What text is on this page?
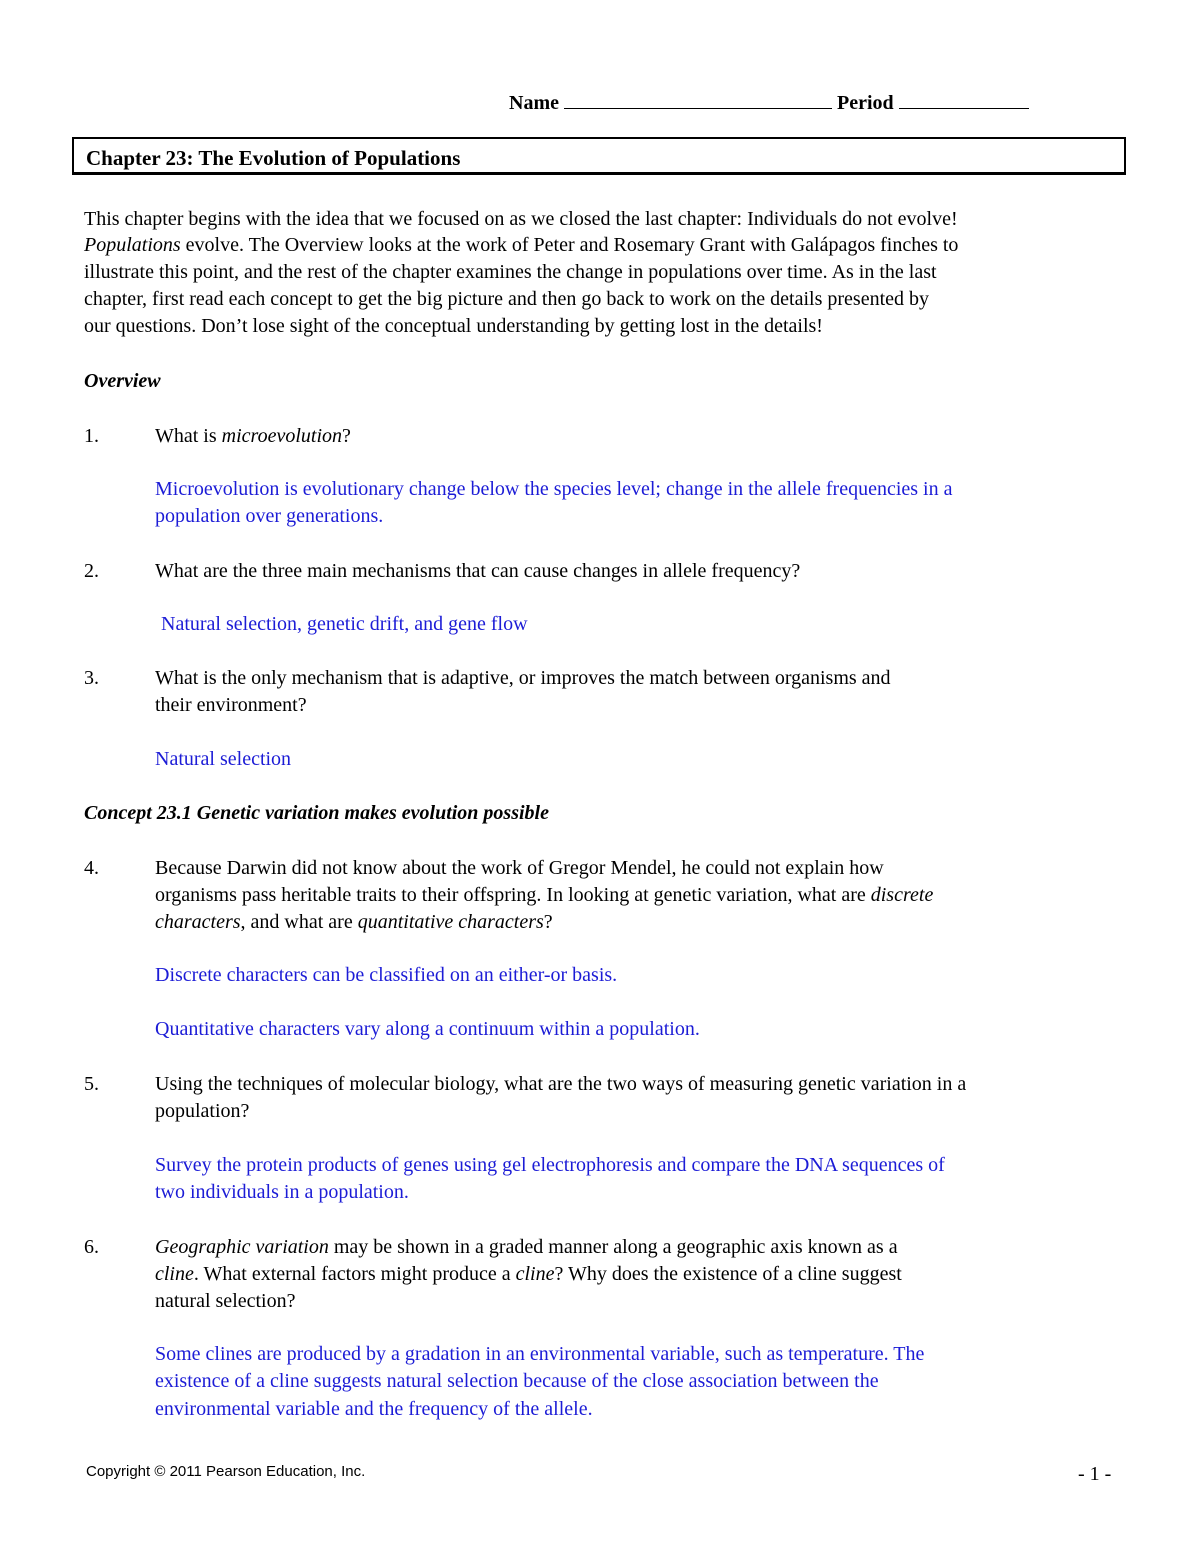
Name	Period
Chapter 23: The Evolution of Populations
This chapter begins with the idea that we focused on as we closed the last chapter: Individuals do not evolve!
Populations evolve. The Overview looks at the work of Peter and Rosemary Grant with Galápagos finches to
illustrate this point, and the rest of the chapter examines the change in populations over time. As in the last
chapter, first read each concept to get the big picture and then go back to work on the details presented by
our questions. Don’t lose sight of the conceptual understanding by getting lost in the details!
Overview
1.	What is microevolution?
Microevolution is evolutionary change below the species level; change in the allele frequencies in a
population over generations.
2.	What are the three main mechanisms that can cause changes in allele frequency?
Natural selection, genetic drift, and gene flow
3.	What is the only mechanism that is adaptive, or improves the match between organisms and
their environment?
Natural selection
Concept 23.1 Genetic variation makes evolution possible
4.	Because Darwin did not know about the work of Gregor Mendel, he could not explain how
organisms pass heritable traits to their offspring. In looking at genetic variation, what are discrete
characters, and what are quantitative characters?
Discrete characters can be classified on an either-or basis.
Quantitative characters vary along a continuum within a population.
5.	Using the techniques of molecular biology, what are the two ways of measuring genetic variation in a
population?
Survey the protein products of genes using gel electrophoresis and compare the DNA sequences of
two individuals in a population.
6.	Geographic variation may be shown in a graded manner along a geographic axis known as a
cline. What external factors might produce a cline? Why does the existence of a cline suggest
natural selection?
Some clines are produced by a gradation in an environmental variable, such as temperature. The
existence of a cline suggests natural selection because of the close association between the
environmental variable and the frequency of the allele.
Copyright © 2011 Pearson Education, Inc.	- 1 -
